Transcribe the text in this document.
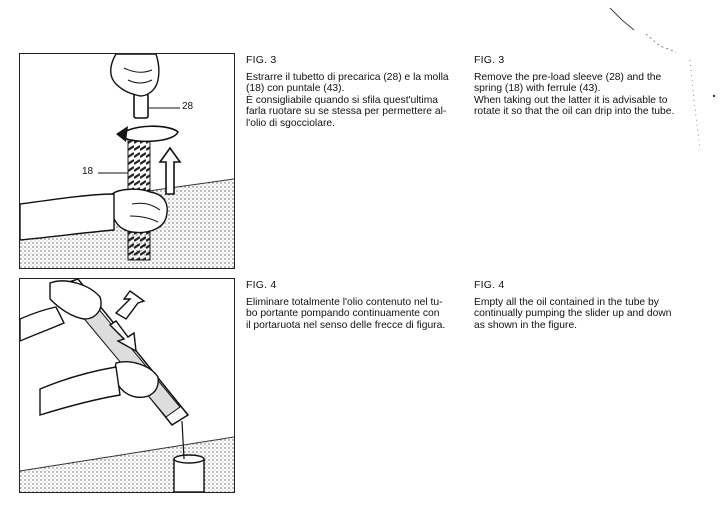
28
18
FIG. 3

Estrarre il tubetto di precarica (28) e la molla

(18) con puntale (43).

È consigliabile quando si sfila quest'ultima

farla ruotare su se stessa per permettere al-

l'olio di sgocciolare.

FIG. 3

Remove the pre-load sleeve (28) and the

spring (18) with ferrule (43).

When taking out the latter it is advisable to

rotate it so that the oil can drip into the tube.

FIG. 4

Eliminare totalmente l'olio contenuto nel tu-

bo portante pompando continuamente con

il portaruota nel senso delle frecce di figura.

FIG. 4

Empty all the oil contained in the tube by

continually pumping the slider up and down

as shown in the figure.
